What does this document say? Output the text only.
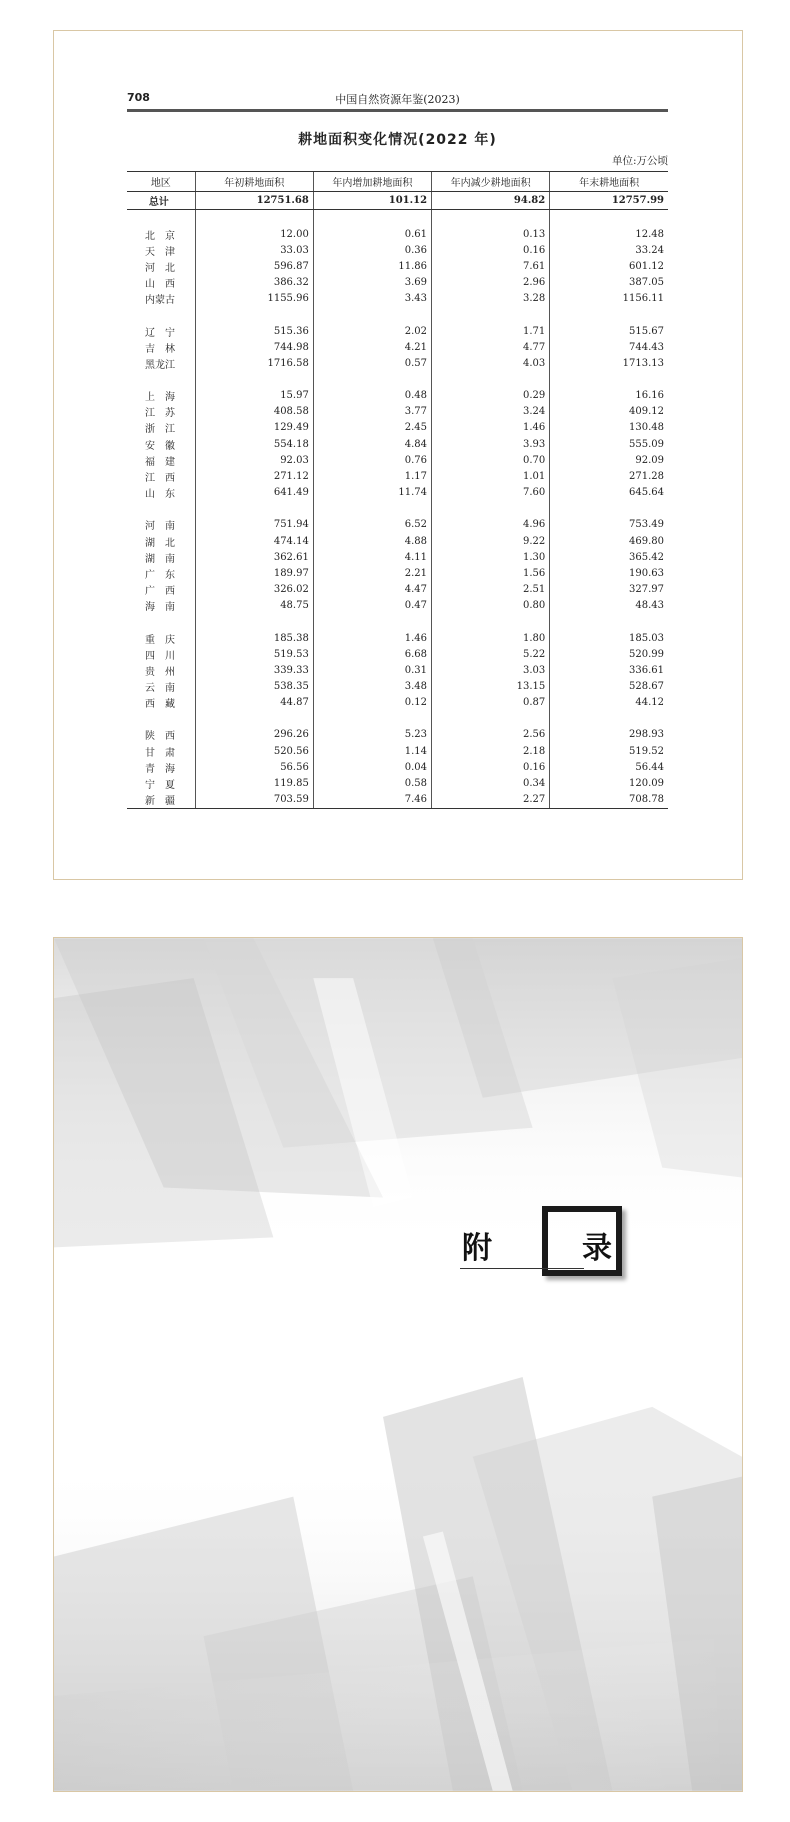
708	中国自然资源年鉴(2023)
耕地面积变化情况(2022 年)
单位:万公顷
地区	年初耕地面积	年内增加耕地面积	年内减少耕地面积	年末耕地面积
总计	12751.68	101.12	94.82	12757.99

北　京	12.00	0.61	0.13	12.48
天　津	33.03	0.36	0.16	33.24
河　北	596.87	11.86	7.61	601.12
山　西	386.32	3.69	2.96	387.05
内蒙古	1155.96	3.43	3.28	1156.11

辽　宁	515.36	2.02	1.71	515.67
吉　林	744.98	4.21	4.77	744.43
黑龙江	1716.58	0.57	4.03	1713.13

上　海	15.97	0.48	0.29	16.16
江　苏	408.58	3.77	3.24	409.12
浙　江	129.49	2.45	1.46	130.48
安　徽	554.18	4.84	3.93	555.09
福　建	92.03	0.76	0.70	92.09
江　西	271.12	1.17	1.01	271.28
山　东	641.49	11.74	7.60	645.64

河　南	751.94	6.52	4.96	753.49
湖　北	474.14	4.88	9.22	469.80
湖　南	362.61	4.11	1.30	365.42
广　东	189.97	2.21	1.56	190.63
广　西	326.02	4.47	2.51	327.97
海　南	48.75	0.47	0.80	48.43

重　庆	185.38	1.46	1.80	185.03
四　川	519.53	6.68	5.22	520.99
贵　州	339.33	0.31	3.03	336.61
云　南	538.35	3.48	13.15	528.67
西　藏	44.87	0.12	0.87	44.12

陕　西	296.26	5.23	2.56	298.93
甘　肃	520.56	1.14	2.18	519.52
青　海	56.56	0.04	0.16	56.44
宁　夏	119.85	0.58	0.34	120.09
新　疆	703.59	7.46	2.27	708.78
附　录
